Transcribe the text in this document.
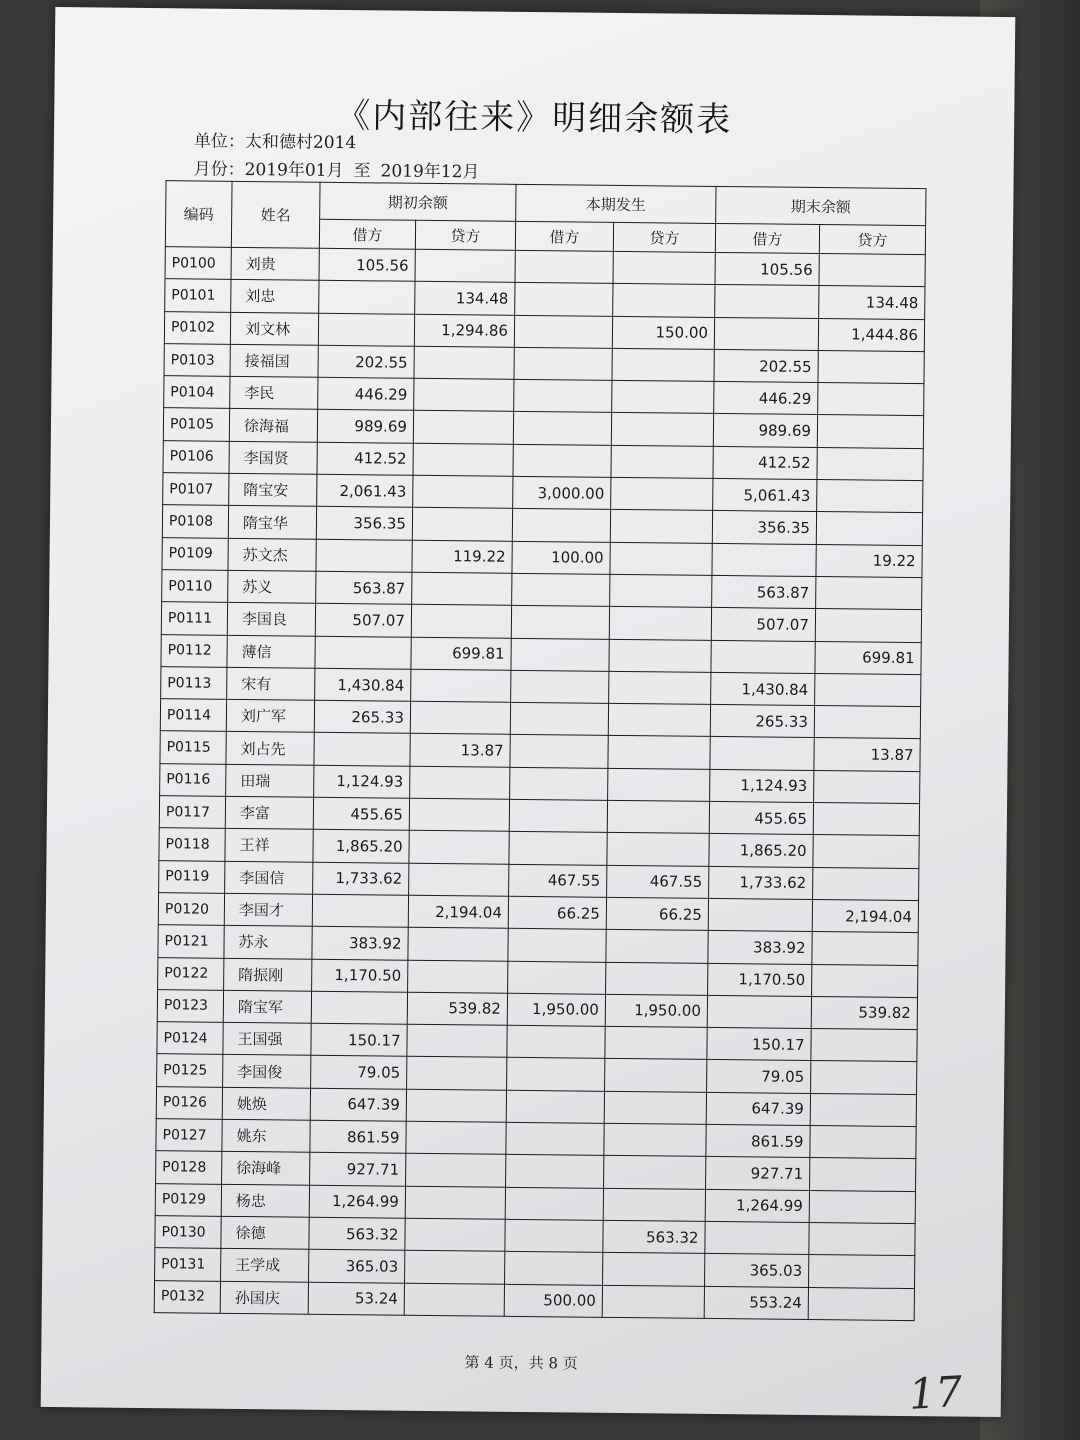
《内部往来》明细余额表
单位：太和德村2014
月份：2019年01月 至 2019年12月
编码	姓名	期初余额		本期发生		期末余额	
		借方	贷方	借方	贷方	借方	贷方
P0100	刘贵	105.56				105.56	
P0101	刘忠		134.48				134.48
P0102	刘文林		1,294.86		150.00		1,444.86
P0103	接福国	202.55				202.55	
P0104	李民	446.29				446.29	
P0105	徐海福	989.69				989.69	
P0106	李国贤	412.52				412.52	
P0107	隋宝安	2,061.43		3,000.00		5,061.43	
P0108	隋宝华	356.35				356.35	
P0109	苏文杰		119.22	100.00			19.22
P0110	苏义	563.87				563.87	
P0111	李国良	507.07				507.07	
P0112	薄信		699.81				699.81
P0113	宋有	1,430.84				1,430.84	
P0114	刘广军	265.33				265.33	
P0115	刘占先		13.87				13.87
P0116	田瑞	1,124.93				1,124.93	
P0117	李富	455.65				455.65	
P0118	王祥	1,865.20				1,865.20	
P0119	李国信	1,733.62		467.55	467.55	1,733.62	
P0120	李国才		2,194.04	66.25	66.25		2,194.04
P0121	苏永	383.92				383.92	
P0122	隋振刚	1,170.50				1,170.50	
P0123	隋宝军		539.82	1,950.00	1,950.00		539.82
P0124	王国强	150.17				150.17	
P0125	李国俊	79.05				79.05	
P0126	姚焕	647.39				647.39	
P0127	姚东	861.59				861.59	
P0128	徐海峰	927.71				927.71	
P0129	杨忠	1,264.99				1,264.99	
P0130	徐德	563.32			563.32		
P0131	王学成	365.03				365.03	
P0132	孙国庆	53.24		500.00		553.24	
第 4 页，共 8 页
17
